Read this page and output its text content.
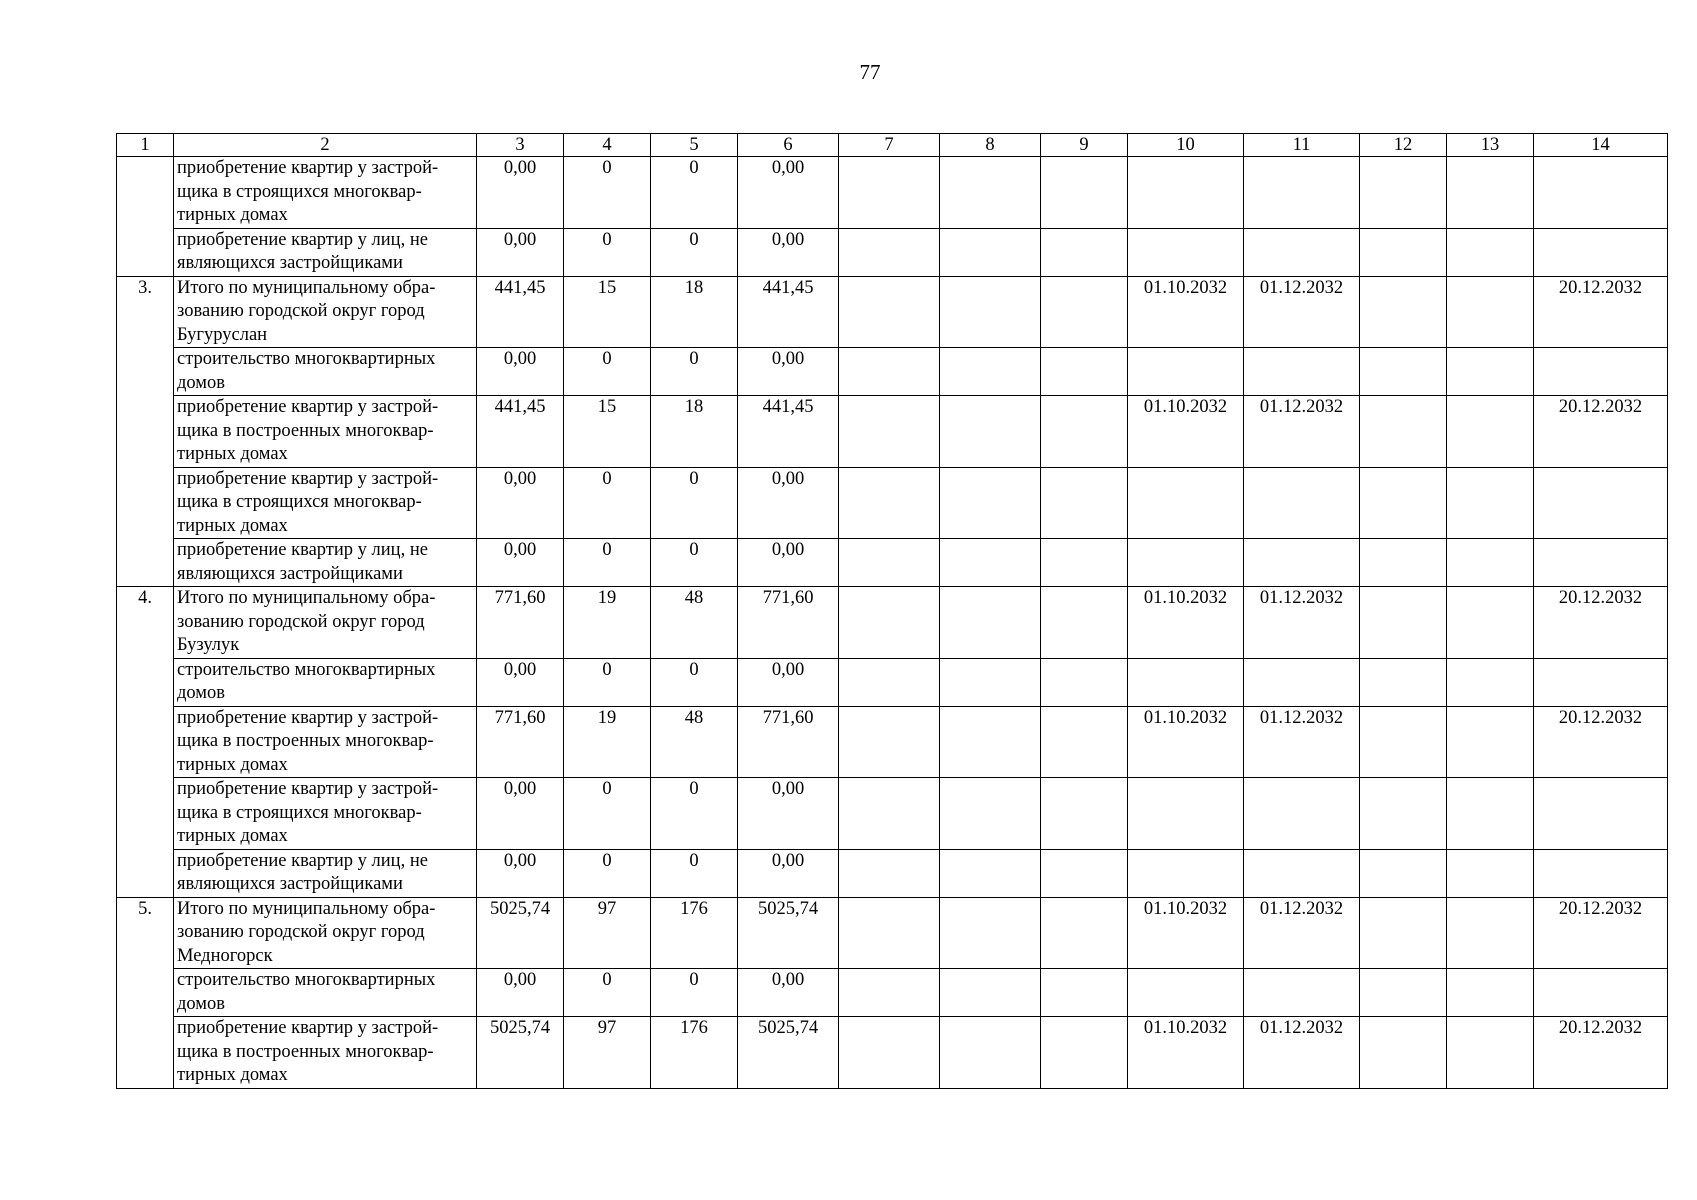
77
1	2	3	4	5	6	7	8	9	10	11	12	13	14
	приобретение квартир у застрой-щика в строящихся многоквар-тирных домах	0,00	0	0	0,00								
	приобретение квартир у лиц, не являющихся застройщиками	0,00	0	0	0,00								
3.	Итого по муниципальному обра-зованию городской округ город Бугуруслан	441,45	15	18	441,45				01.10.2032	01.12.2032			20.12.2032
	строительство многоквартирных домов	0,00	0	0	0,00								
	приобретение квартир у застрой-щика в построенных многоквар-тирных домах	441,45	15	18	441,45				01.10.2032	01.12.2032			20.12.2032
	приобретение квартир у застрой-щика в строящихся многоквар-тирных домах	0,00	0	0	0,00								
	приобретение квартир у лиц, не являющихся застройщиками	0,00	0	0	0,00								
4.	Итого по муниципальному обра-зованию городской округ город Бузулук	771,60	19	48	771,60				01.10.2032	01.12.2032			20.12.2032
	строительство многоквартирных домов	0,00	0	0	0,00								
	приобретение квартир у застрой-щика в построенных многоквар-тирных домах	771,60	19	48	771,60				01.10.2032	01.12.2032			20.12.2032
	приобретение квартир у застрой-щика в строящихся многоквар-тирных домах	0,00	0	0	0,00								
	приобретение квартир у лиц, не являющихся застройщиками	0,00	0	0	0,00								
5.	Итого по муниципальному обра-зованию городской округ город Медногорск	5025,74	97	176	5025,74				01.10.2032	01.12.2032			20.12.2032
	строительство многоквартирных домов	0,00	0	0	0,00								
	приобретение квартир у застрой-щика в построенных многоквар-тирных домах	5025,74	97	176	5025,74				01.10.2032	01.12.2032			20.12.2032
